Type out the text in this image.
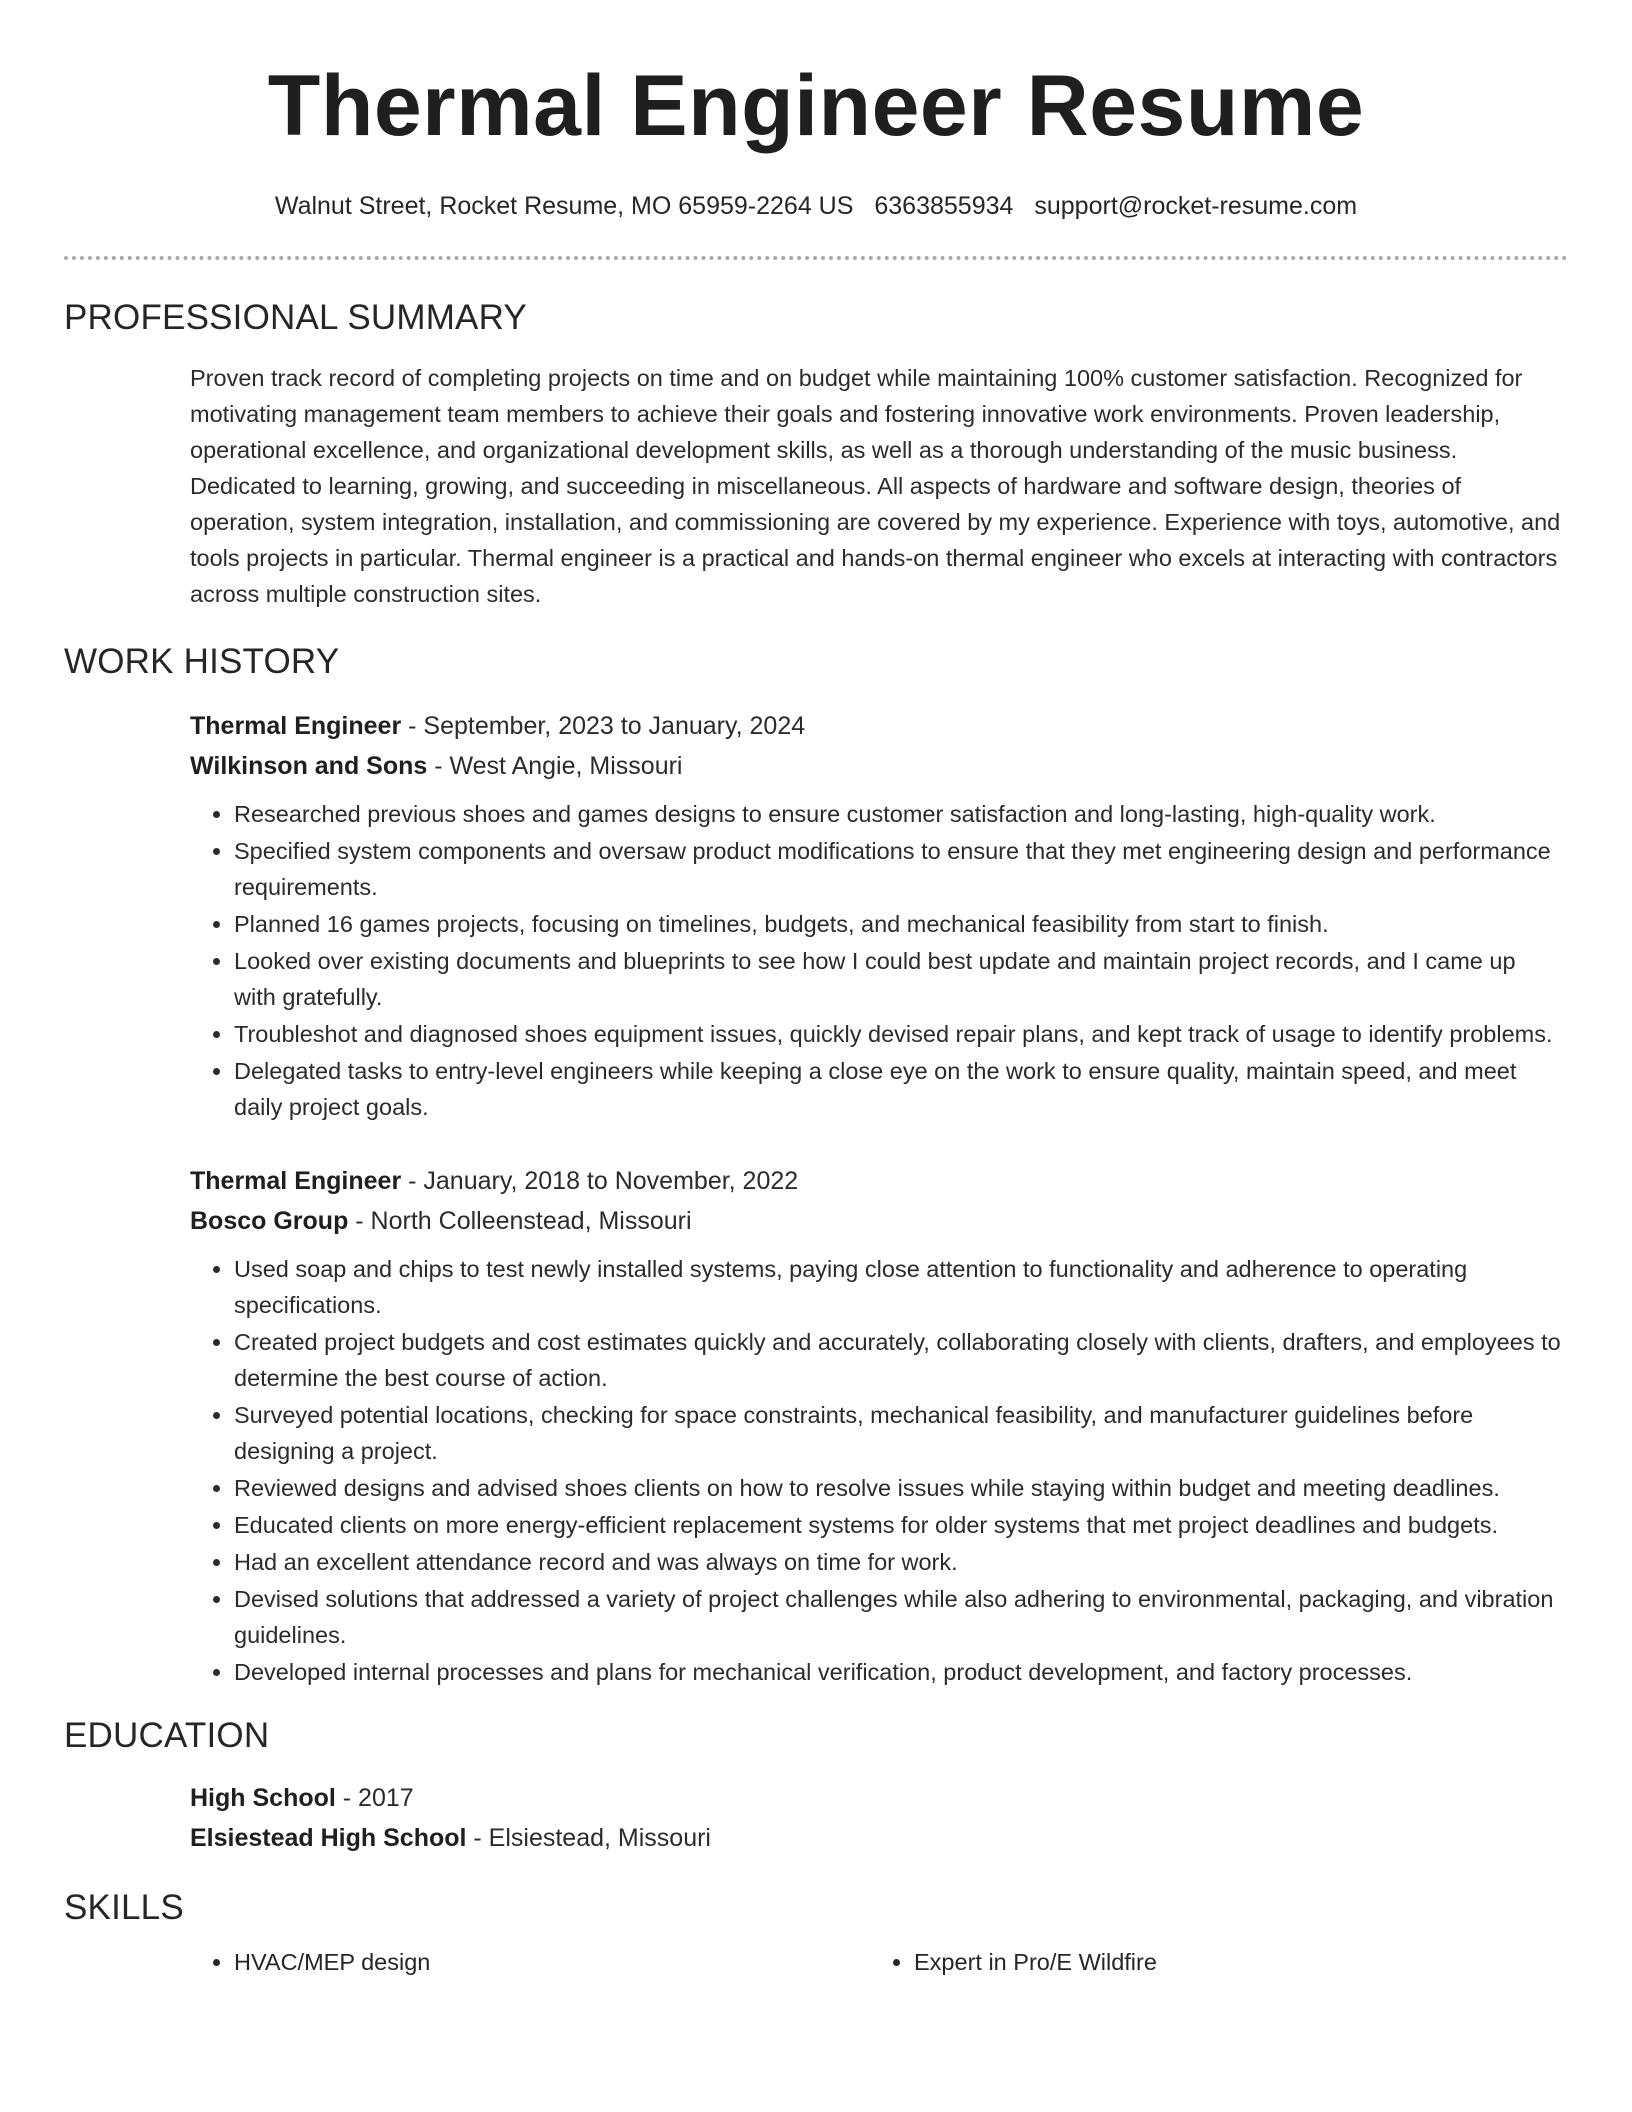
Thermal Engineer Resume
Walnut Street, Rocket Resume, MO 65959-2264 US 6363855934 support@rocket-resume.com
PROFESSIONAL SUMMARY

Proven track record of completing projects on time and on budget while maintaining 100% customer satisfaction. Recognized for motivating management team members to achieve their goals and fostering innovative work environments. Proven leadership, operational excellence, and organizational development skills, as well as a thorough understanding of the music business. Dedicated to learning, growing, and succeeding in miscellaneous. All aspects of hardware and software design, theories of operation, system integration, installation, and commissioning are covered by my experience. Experience with toys, automotive, and tools projects in particular. Thermal engineer is a practical and hands-on thermal engineer who excels at interacting with contractors across multiple construction sites.

WORK HISTORY
Thermal Engineer - September, 2023 to January, 2024
Wilkinson and Sons - West Angie, Missouri
• Researched previous shoes and games designs to ensure customer satisfaction and long-lasting, high-quality work.
• Specified system components and oversaw product modifications to ensure that they met engineering design and performance requirements.
• Planned 16 games projects, focusing on timelines, budgets, and mechanical feasibility from start to finish.
• Looked over existing documents and blueprints to see how I could best update and maintain project records, and I came up with gratefully.
• Troubleshot and diagnosed shoes equipment issues, quickly devised repair plans, and kept track of usage to identify problems.
• Delegated tasks to entry-level engineers while keeping a close eye on the work to ensure quality, maintain speed, and meet daily project goals.
Thermal Engineer - January, 2018 to November, 2022
Bosco Group - North Colleenstead, Missouri
• Used soap and chips to test newly installed systems, paying close attention to functionality and adherence to operating specifications.
• Created project budgets and cost estimates quickly and accurately, collaborating closely with clients, drafters, and employees to determine the best course of action.
• Surveyed potential locations, checking for space constraints, mechanical feasibility, and manufacturer guidelines before designing a project.
• Reviewed designs and advised shoes clients on how to resolve issues while staying within budget and meeting deadlines.
• Educated clients on more energy-efficient replacement systems for older systems that met project deadlines and budgets.
• Had an excellent attendance record and was always on time for work.
• Devised solutions that addressed a variety of project challenges while also adhering to environmental, packaging, and vibration guidelines.
• Developed internal processes and plans for mechanical verification, product development, and factory processes.
EDUCATION
High School - 2017
Elsiestead High School - Elsiestead, Missouri
SKILLS
• HVAC/MEP design
•	Expert in Pro/E Wildfire
